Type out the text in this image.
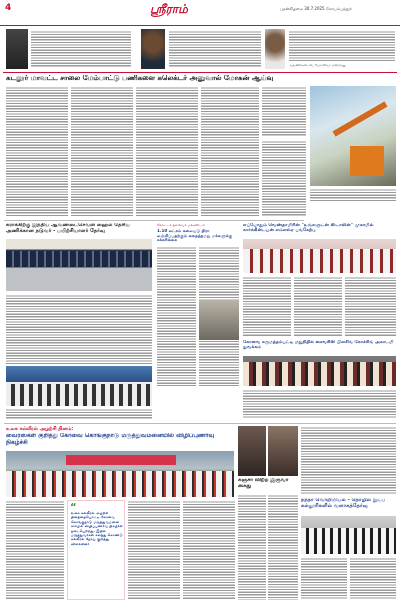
4	ஸ்ரீராம்	புதன்கிழமை 30.7.2025 கோயம்புத்தூர்
ஆவணிக்கடைசிப் பேராசிரியர் மறைந்தது
கடலூர் மாவட்ட சாலை மேம்பாட்டு பணிகளை கலெக்டர் அனுவால் மோகன் ஆய்வு
சுராக்கிற்கு இந்திய ஆவண்டைசெவன் ஹைல் தேசிய அணிக்கான நடுவர் - பயிற்சியாளர் தேர்வு
கோட்டச் தலைவர் மக்களிடம்
1.10 லட்சம் கலையடு திரா லஞ்சிப்பதற்கும் கதைத்தமது மக்களுக்கு சக்கரிக்கை
எப்போதும் வெண்தாமிரின் "உங்களுடன் ஸ்டாலின்" முகாமில் கார்க்கின்டயன் எம்எல்ஏ பங்கேற்பு
கோவை கருமத்தம்பட்டி மதுநிதில் சைவசிஸ் பிளசிங் கோச்சிங் அகாடமி துவக்கம்
உலக கல்லீரல் அழற்சி தினம்:
வைரஸ்கள் குறித்து கோவை கொங்குநாடு மருத்துவமனையில் விழிப்புணர்வு நிகழ்ச்சி
“
உலக கல்லீரல் அழற்சி தினத்தையொட்டி கோவை கொங்குநாடு மருத்துவமனை சார்பில் விழிப்புணர்வு நிகழ்ச்சி நடைபெற்றது. இதில் மருத்துவர்கள் கலந்து கொண்டு கல்லீரல் நோய் குறித்து விளக்கினர்
கஞ்சா விற்ற இருவர் கைது
நந்தா வொறியியல் - தொழில் நுட்ப கல்லூரிகளில் வளாகத்தேர்வு
